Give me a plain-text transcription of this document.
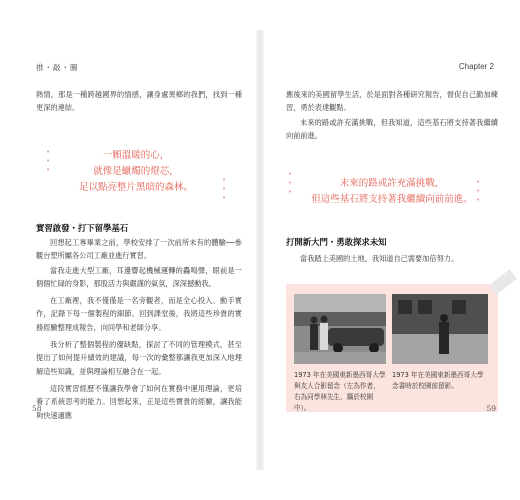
推・敲・圖

熱情，那是一種跨越國界的情感，讓身處異鄉的我們，找到一種更深的連結。

•
•
•
•
•
•
一顆溫暖的心，
就像是蠟燭的燈芯，
足以點亮整片黑暗的森林。
實習啟發・打下留學基石

回想起工專畢業之前，學校安排了一次前所未有的體驗──參觀台塑所屬各公司工廠並進行實習。

當我走進大型工廠，耳邊響起機械運轉的轟鳴聲，眼前是一個個忙碌的身影，那股活力與嚴謹的氣氛，深深撼動我。

在工廠裡，我不僅僅是一名旁觀者，而是全心投入、動手實作，記錄下每一個製程的細節。回到課堂後，我將這些珍貴的實務經驗整理成報告，向同學和老師分享。

我分析了整個製程的優缺點，探討了不同的管理模式，甚至提出了如何提升績效的建議，每一次的彙整都讓我更加深入地理解這些知識，並與理論相互融合在一起。

這段實習經歷不僅讓我學會了如何在實務中運用理論，更培養了系統思考的能力。回想起來，正是這些寶貴的經驗，讓我能夠快速適應

58
Chapter 2

應後來的美國留學生活，於是面對各種研究報告，督促自己勤加練習，勇於表達觀點。

未來的路或許充滿挑戰，但我知道，這些基石將支持著我繼續向前前進。

•
•
•
•
•
•
未來的路或許充滿挑戰，
但這些基石將支持著我繼續向前前進。
打開新大門・勇敢探求未知

當我踏上美國的土地，我知道自己需要加倍努力。

1973 年在美國東新墨西哥大學與友人合影留念（左為作者，右為同學林先生，攝於校園中）。
1973 年在美國東新墨西哥大學念書時於校園前留影。
59
